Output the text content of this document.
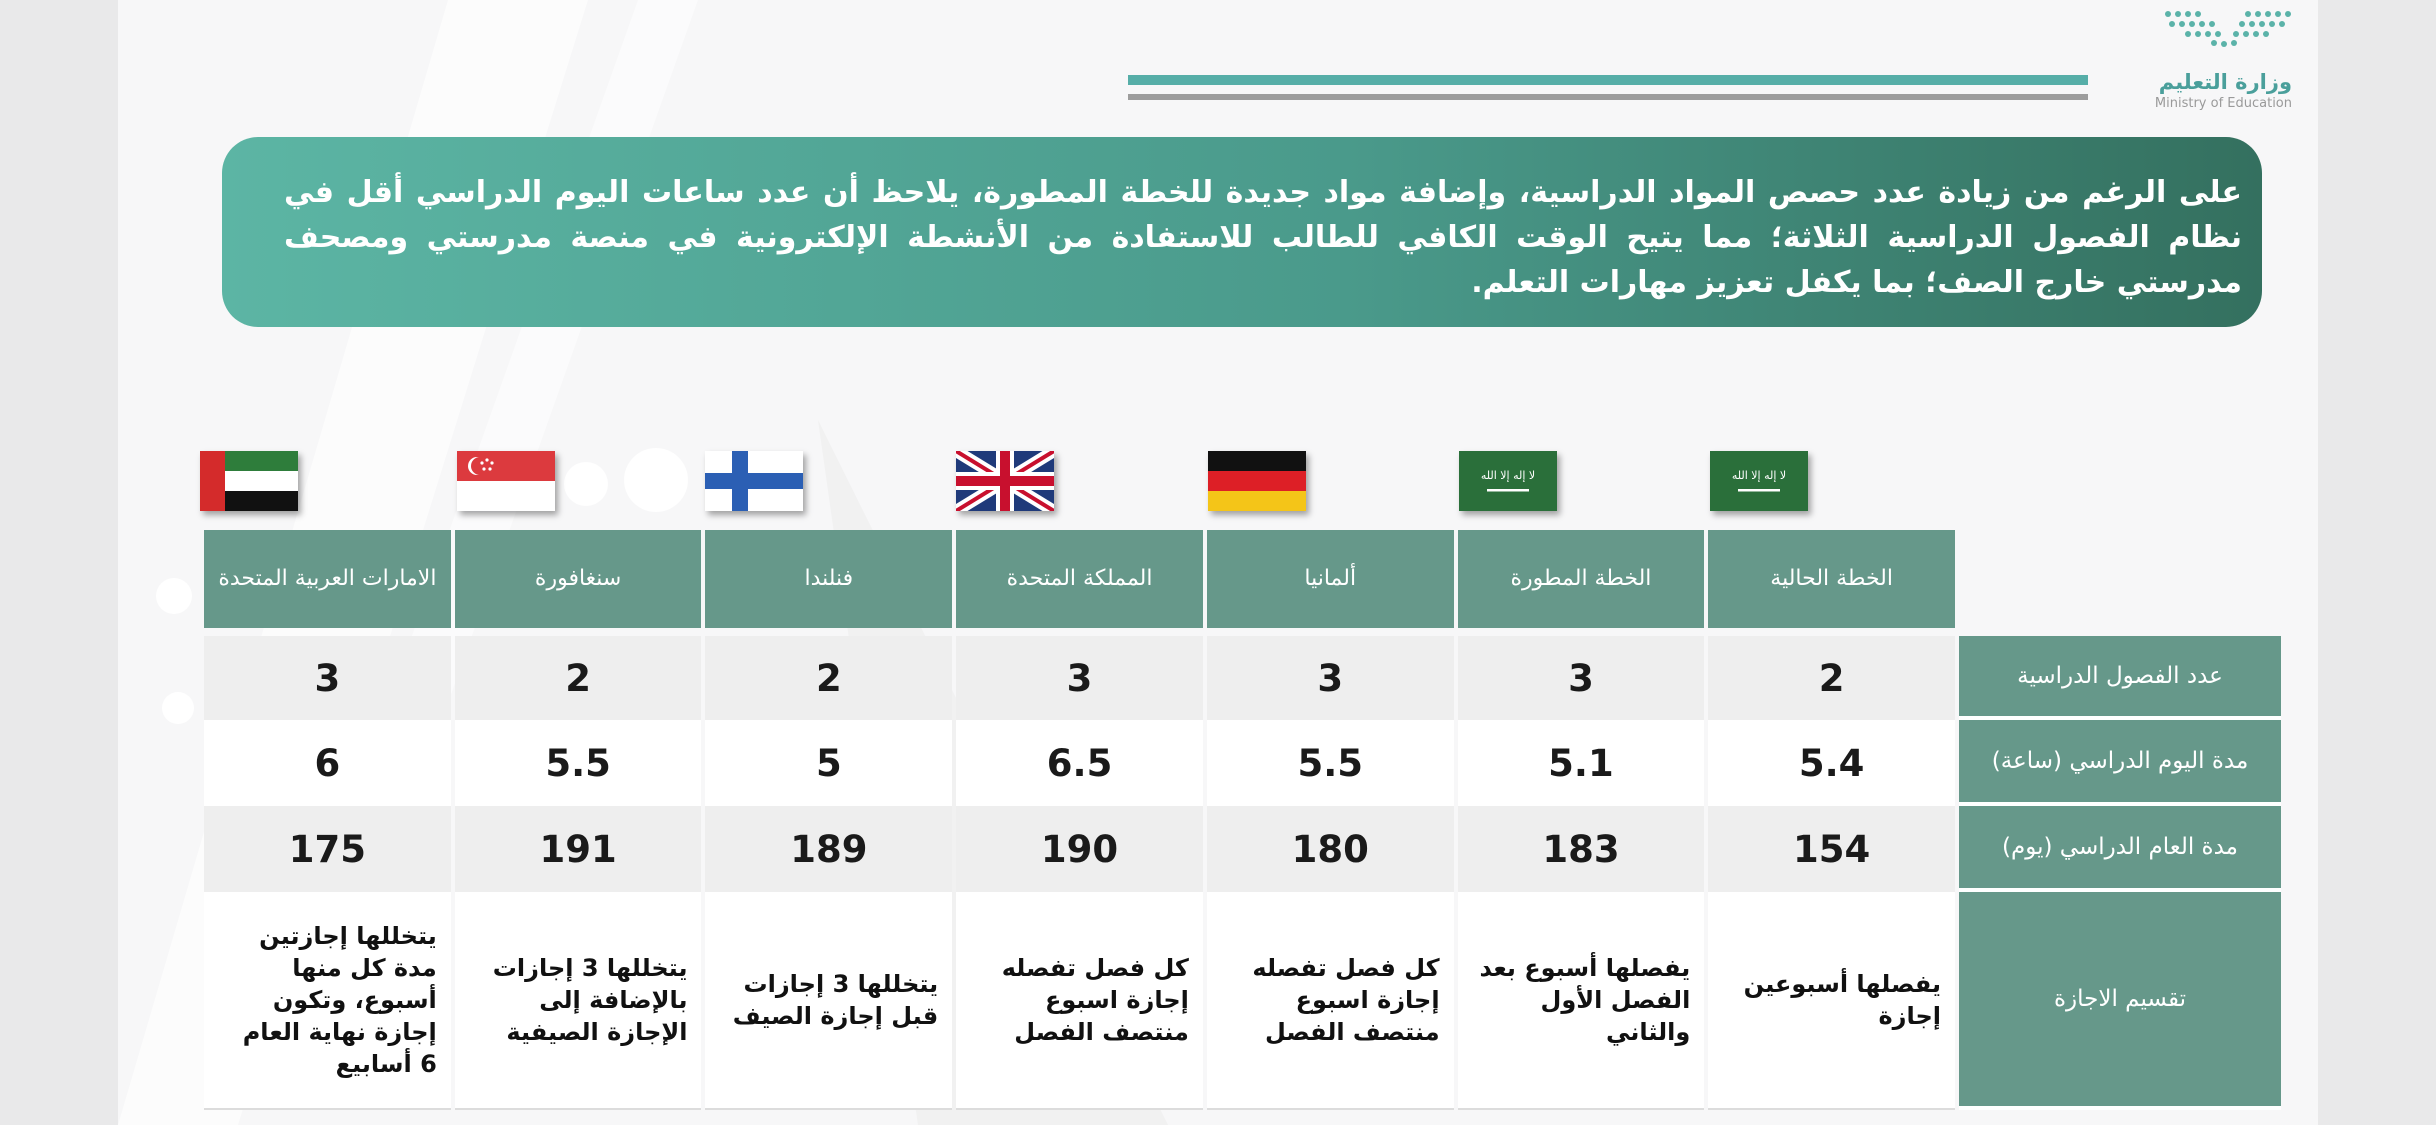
وزارة التعليم
Ministry of Education
على الرغم من زيادة عدد حصص المواد الدراسية، وإضافة مواد جديدة للخطة المطورة، يلاحظ أن عدد ساعات اليوم الدراسي أقل في نظام الفصول الدراسية الثلاثة؛ مما يتيح الوقت الكافي للطالب للاستفادة من الأنشطة الإلكترونية في منصة مدرستي ومصحف مدرستي خارج الصف؛ بما يكفل تعزيز مهارات التعلم.
ﻻ ﺇﻟﻪ ﺇﻻ ﺍﻟﻠﻪ
ﻻ ﺇﻟﻪ ﺇﻻ ﺍﻟﻠﻪ
	الخطة الحالية	الخطة المطورة	ألمانيا	المملكة المتحدة	فنلندا	سنغافورة	الامارات العربية المتحدة

عدد الفصول الدراسية	2	3	3	3	2	2	3
مدة اليوم الدراسي (ساعة)	5.4	5.1	5.5	6.5	5	5.5	6
مدة العام الدراسي (يوم)	154	183	180	190	189	191	175
تقسيم الاجازة	يفصلها أسبوعين إجازة	يفصلها أسبوع بعد الفصل الأول والثاني	كل فصل تفصله إجازة اسبوع منتصف الفصل	كل فصل تفصله إجازة اسبوع منتصف الفصل	يتخللها 3 إجازات قبل إجازة الصيف	يتخللها 3 إجازات بالإضافة إلى الإجازة الصيفية	يتخللها إجازتين مدة كل منها أسبوع، وتكون إجازة نهاية العام 6 أسابيع
